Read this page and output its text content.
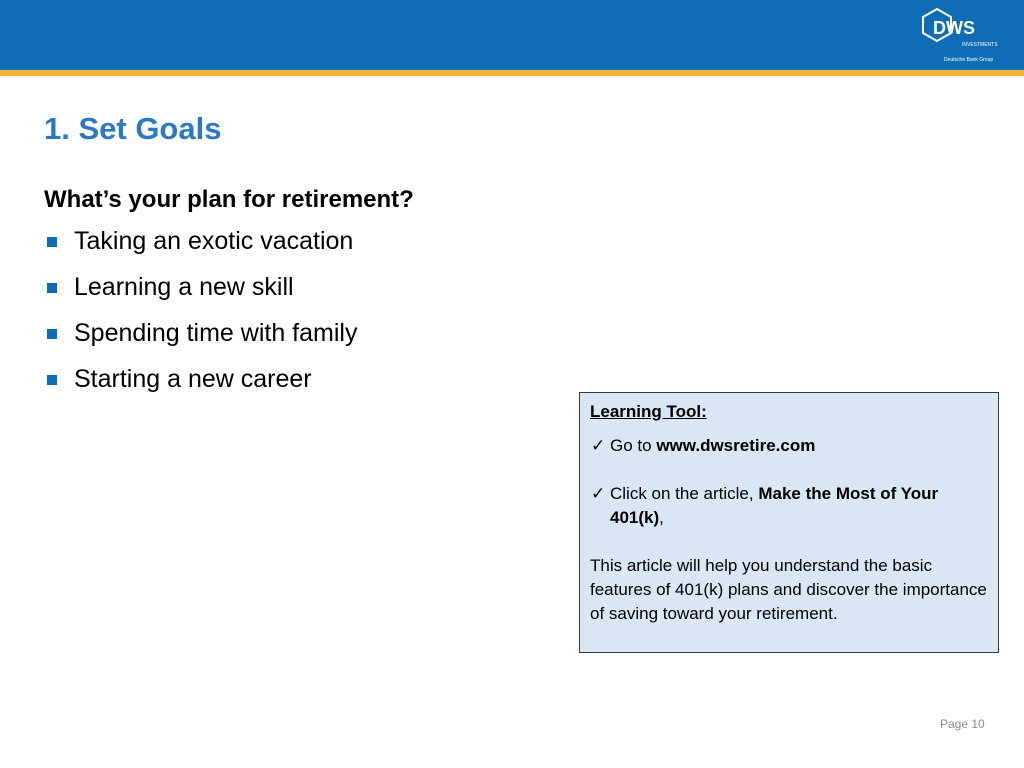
DWS
INVESTMENTS
Deutsche Bank Group
1. Set Goals

What’s your plan for retirement?

Taking an exotic vacation
Learning a new skill
Spending time with family
Starting a new career

Learning Tool:

✓ Go to www.dwsretire.com
✓ Click on the article, Make the Most of Your 401(k),

This article will help you understand the basic features of 401(k) plans and discover the importance of saving toward your retirement.

Page 10
